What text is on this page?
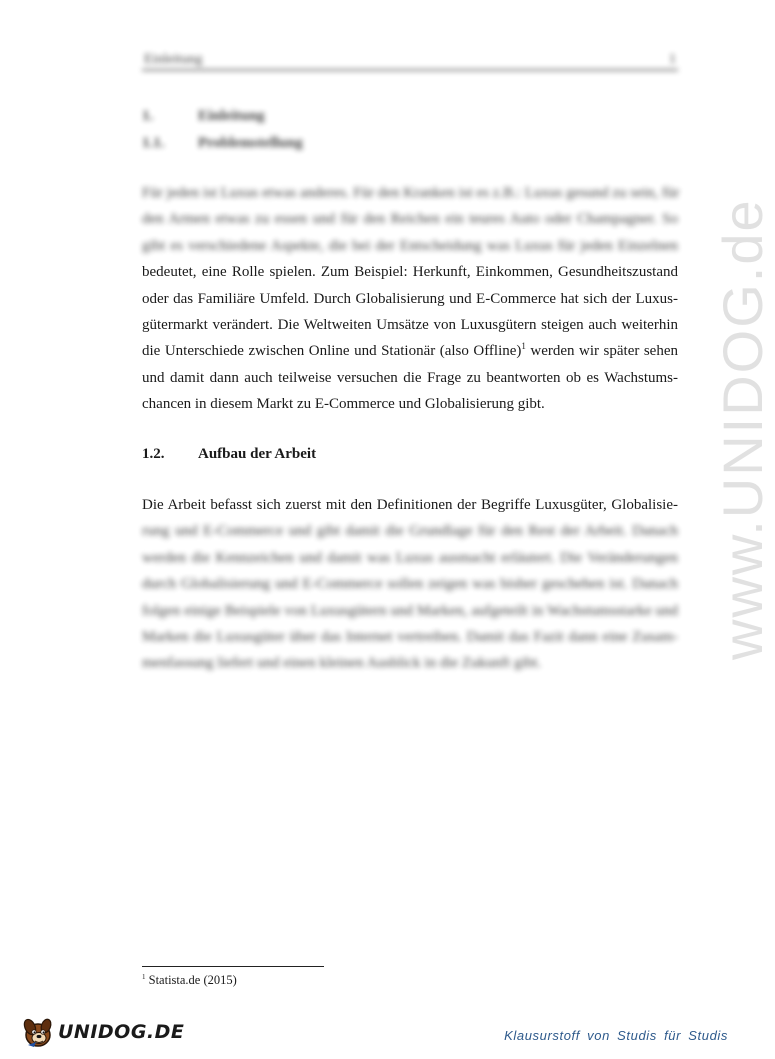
Einleitung	1
1.	Einleitung
1.1. Problemstellung
Für jeden ist Luxus etwas anderes. Für den Kranken ist es z.B.: Luxus gesund zu sein, für
den Armen etwas zu essen und für den Reichen ein teures Auto oder Champagner. So
gibt es verschiedene Aspekte, die bei der Entscheidung was Luxus für jeden Einzelnen
bedeutet, eine Rolle spielen. Zum Beispiel: Herkunft, Einkommen, Gesundheitszustand
oder das Familiäre Umfeld. Durch Globalisierung und E-Commerce hat sich der Luxus-
gütermarkt verändert. Die Weltweiten Umsätze von Luxusgütern steigen auch weiterhin
die Unterschiede zwischen Online und Stationär (also Offline)$^1$ werden wir später sehen
und damit dann auch teilweise versuchen die Frage zu beantworten ob es Wachstums-
chancen in diesem Markt zu E-Commerce und Globalisierung gibt.
1.2. Aufbau der Arbeit
Die Arbeit befasst sich zuerst mit den Definitionen der Begriffe Luxusgüter, Globalisie-
rung und E-Commerce und gibt damit die Grundlage für den Rest der Arbeit. Danach
werden die Kennzeichen und damit was Luxus ausmacht erläutert. Die Veränderungen
durch Globalisierung und E-Commerce sollen zeigen was bisher geschehen ist. Danach
folgen einige Beispiele von Luxusgütern und Marken, aufgeteilt in Wachstumsstarke und
Marken die Luxusgüter über das Internet vertreiben. Damit das Fazit dann eine Zusam-
menfassung liefert und einen kleinen Ausblick in die Zukunft gibt.
$^1$ Statista.de (2015)
www.UNIDOG.de
UNIDOG.DE	Klausurstoff von Studis für Studis
